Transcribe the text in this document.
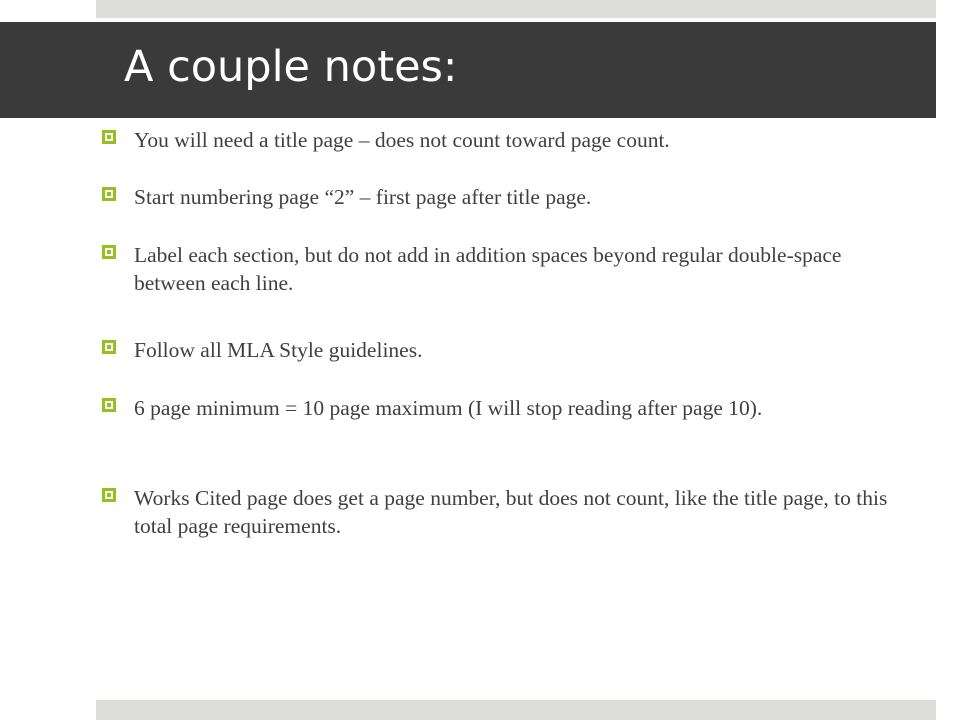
A couple notes:
You will need a title page – does not count toward page count.
Start numbering page “2” – first page after title page.
Label each section, but do not add in addition spaces beyond regular double-space between each line.
Follow all MLA Style guidelines.
6 page minimum = 10 page maximum (I will stop reading after page 10).
Works Cited page does get a page number, but does not count, like the title page, to this total page requirements.
